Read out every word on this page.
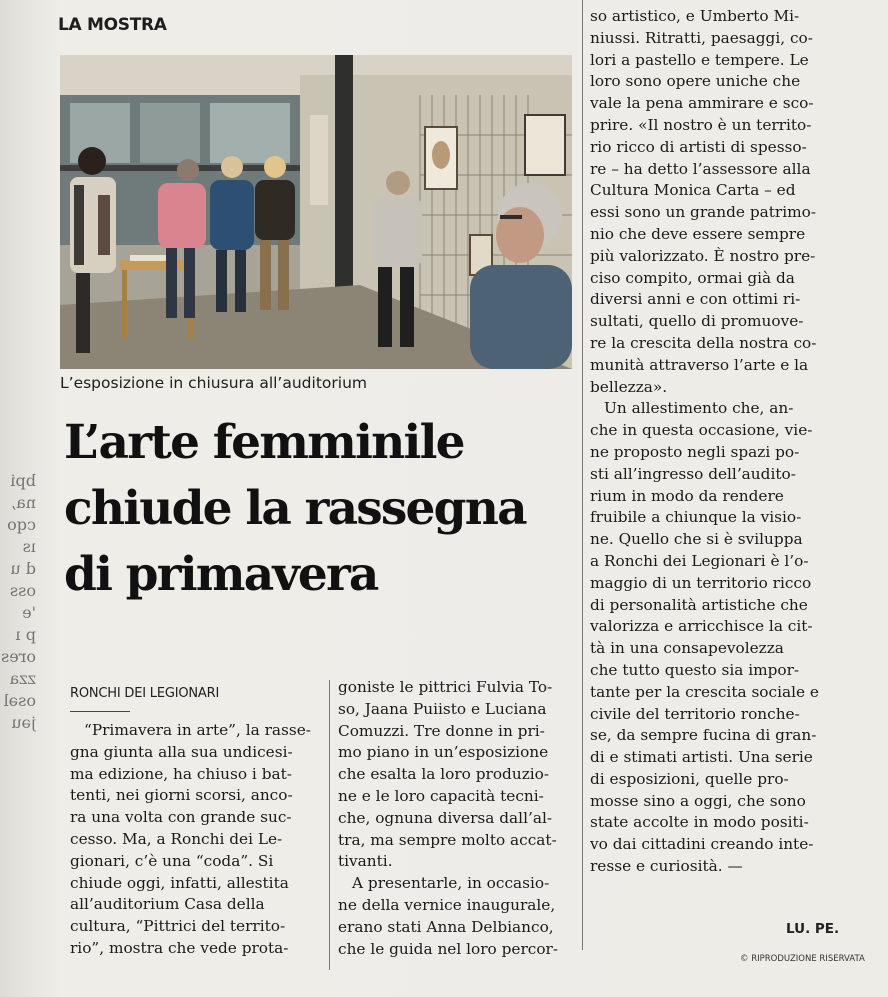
bpi
na,
cqo
ıs
d u
oss
'e
p ı
ores
zza
osəl
jəu
LA MOSTRA
L’esposizione in chiusura all’auditorium
L’arte femminile
chiude la rassegna
di primavera
RONCHI DEI LEGIONARI
“Primavera in arte”, la rasse-
gna giunta alla sua undicesi-
ma edizione, ha chiuso i bat-
tenti, nei giorni scorsi, anco-
ra una volta con grande suc-
cesso. Ma, a Ronchi dei Le-
gionari, c’è una “coda”. Si
chiude oggi, infatti, allestita
all’auditorium Casa della
cultura, “Pittrici del territo-
rio”, mostra che vede prota-
goniste le pittrici Fulvia To-
so, Jaana Puiisto e Luciana
Comuzzi. Tre donne in pri-
mo piano in un’esposizione
che esalta la loro produzio-
ne e le loro capacità tecni-
che, ognuna diversa dall’al-
tra, ma sempre molto accat-
tivanti.
A presentarle, in occasio-
ne della vernice inaugurale,
erano stati Anna Delbianco,
che le guida nel loro percor-
so artistico, e Umberto Mi-
niussi. Ritratti, paesaggi, co-
lori a pastello e tempere. Le
loro sono opere uniche che
vale la pena ammirare e sco-
prire. «Il nostro è un territo-
rio ricco di artisti di spesso-
re – ha detto l’assessore alla
Cultura Monica Carta – ed
essi sono un grande patrimo-
nio che deve essere sempre
più valorizzato. È nostro pre-
ciso compito, ormai già da
diversi anni e con ottimi ri-
sultati, quello di promuove-
re la crescita della nostra co-
munità attraverso l’arte e la
bellezza».
Un allestimento che, an-
che in questa occasione, vie-
ne proposto negli spazi po-
sti all’ingresso dell’audito-
rium in modo da rendere
fruibile a chiunque la visio-
ne. Quello che si è sviluppa
a Ronchi dei Legionari è l’o-
maggio di un territorio ricco
di personalità artistiche che
valorizza e arricchisce la cit-
tà in una consapevolezza
che tutto questo sia impor-
tante per la crescita sociale e
civile del territorio ronche-
se, da sempre fucina di gran-
di e stimati artisti. Una serie
di esposizioni, quelle pro-
mosse sino a oggi, che sono
state accolte in modo positi-
vo dai cittadini creando inte-
resse e curiosità. —
LU. PE.
© RIPRODUZIONE RISERVATA
